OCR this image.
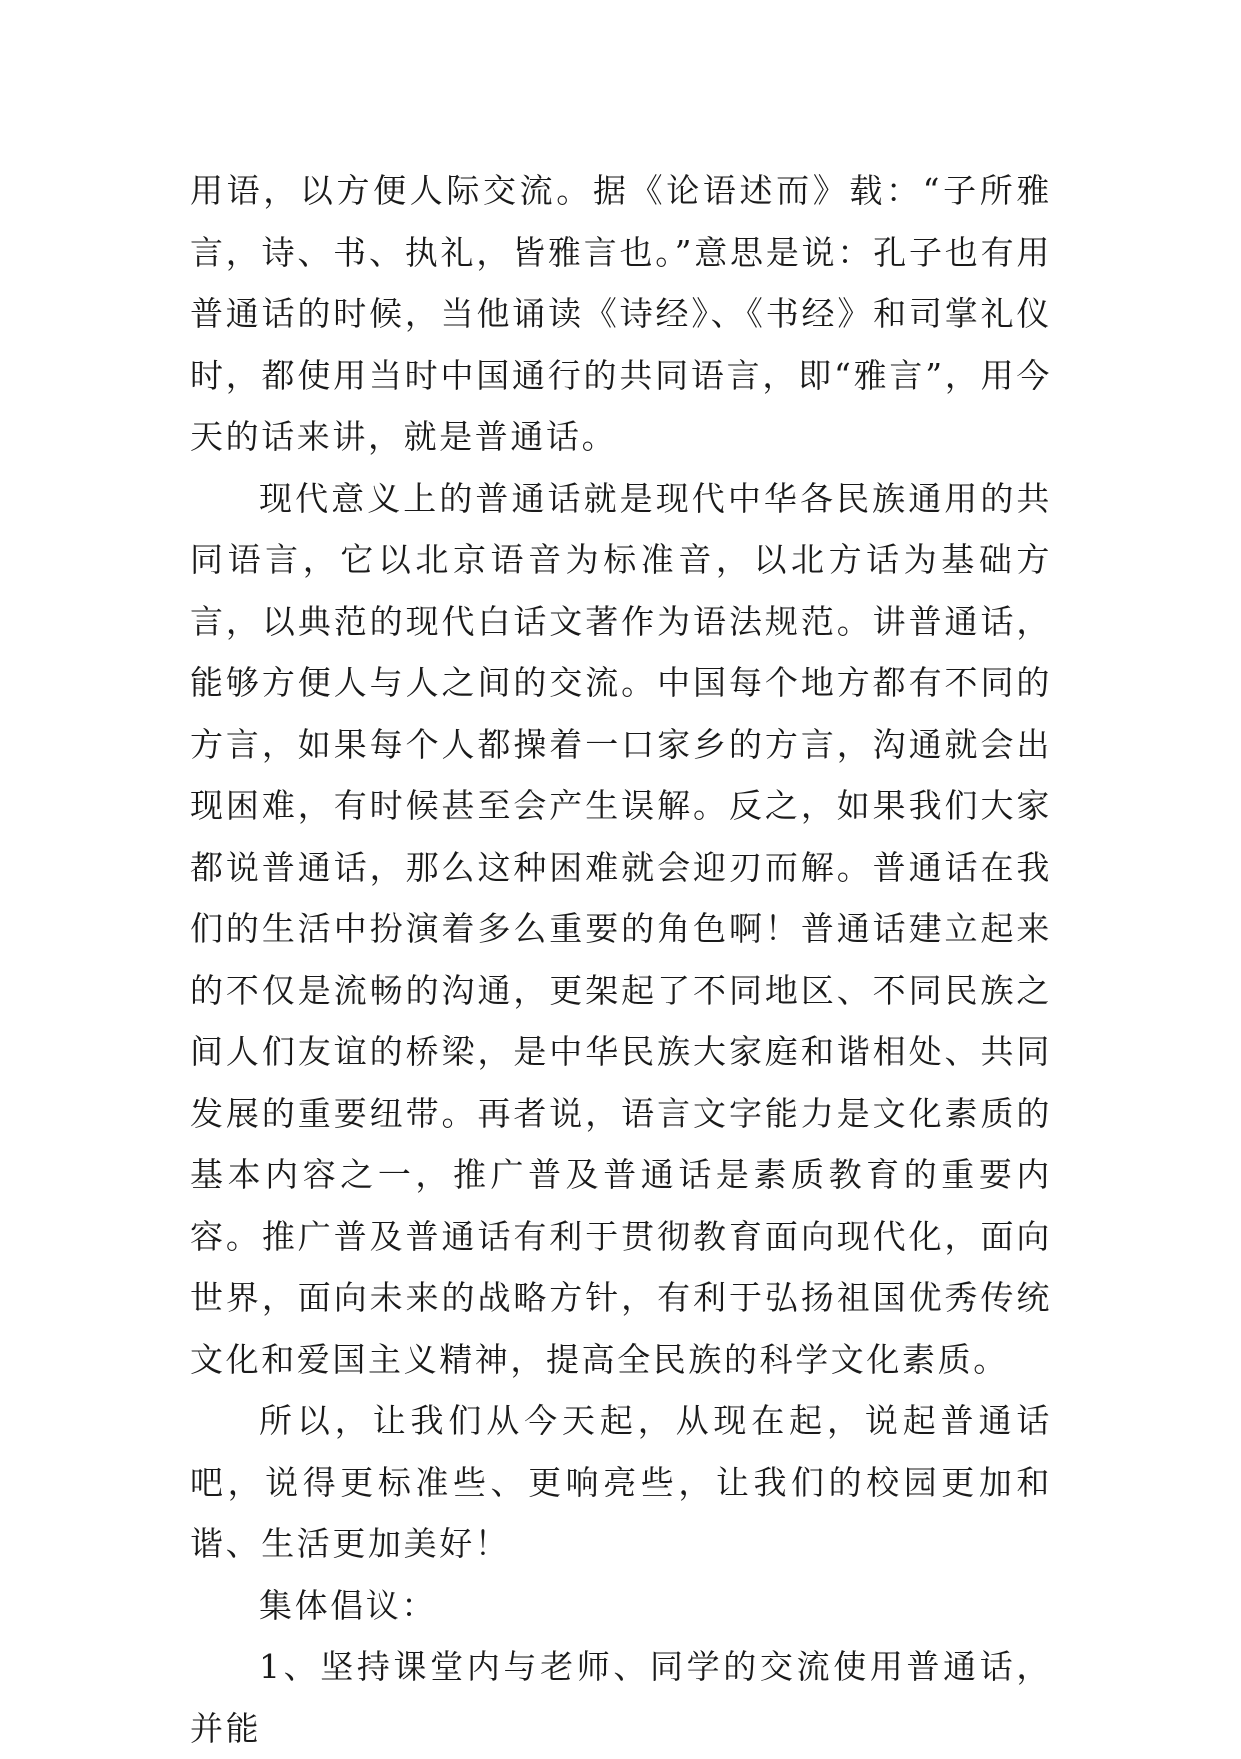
用语，以方便人际交流。据《论语述而》载：“子所雅言，诗、书、执礼，皆雅言也。”意思是说：孔子也有用普通话的时候，当他诵读《诗经》、《书经》和司掌礼仪时，都使用当时中国通行的共同语言，即“雅言”，用今天的话来讲，就是普通话。

现代意义上的普通话就是现代中华各民族通用的共同语言，它以北京语音为标准音，以北方话为基础方言，以典范的现代白话文著作为语法规范。讲普通话，能够方便人与人之间的交流。中国每个地方都有不同的方言，如果每个人都操着一口家乡的方言，沟通就会出现困难，有时候甚至会产生误解。反之，如果我们大家都说普通话，那么这种困难就会迎刃而解。普通话在我们的生活中扮演着多么重要的角色啊！普通话建立起来的不仅是流畅的沟通，更架起了不同地区、不同民族之间人们友谊的桥梁，是中华民族大家庭和谐相处、共同发展的重要纽带。再者说，语言文字能力是文化素质的基本内容之一，推广普及普通话是素质教育的重要内容。推广普及普通话有利于贯彻教育面向现代化，面向世界，面向未来的战略方针，有利于弘扬祖国优秀传统文化和爱国主义精神，提高全民族的科学文化素质。

所以，让我们从今天起，从现在起，说起普通话吧，说得更标准些、更响亮些，让我们的校园更加和谐、生活更加美好！

集体倡议：

1、坚持课堂内与老师、同学的交流使用普通话，并能
